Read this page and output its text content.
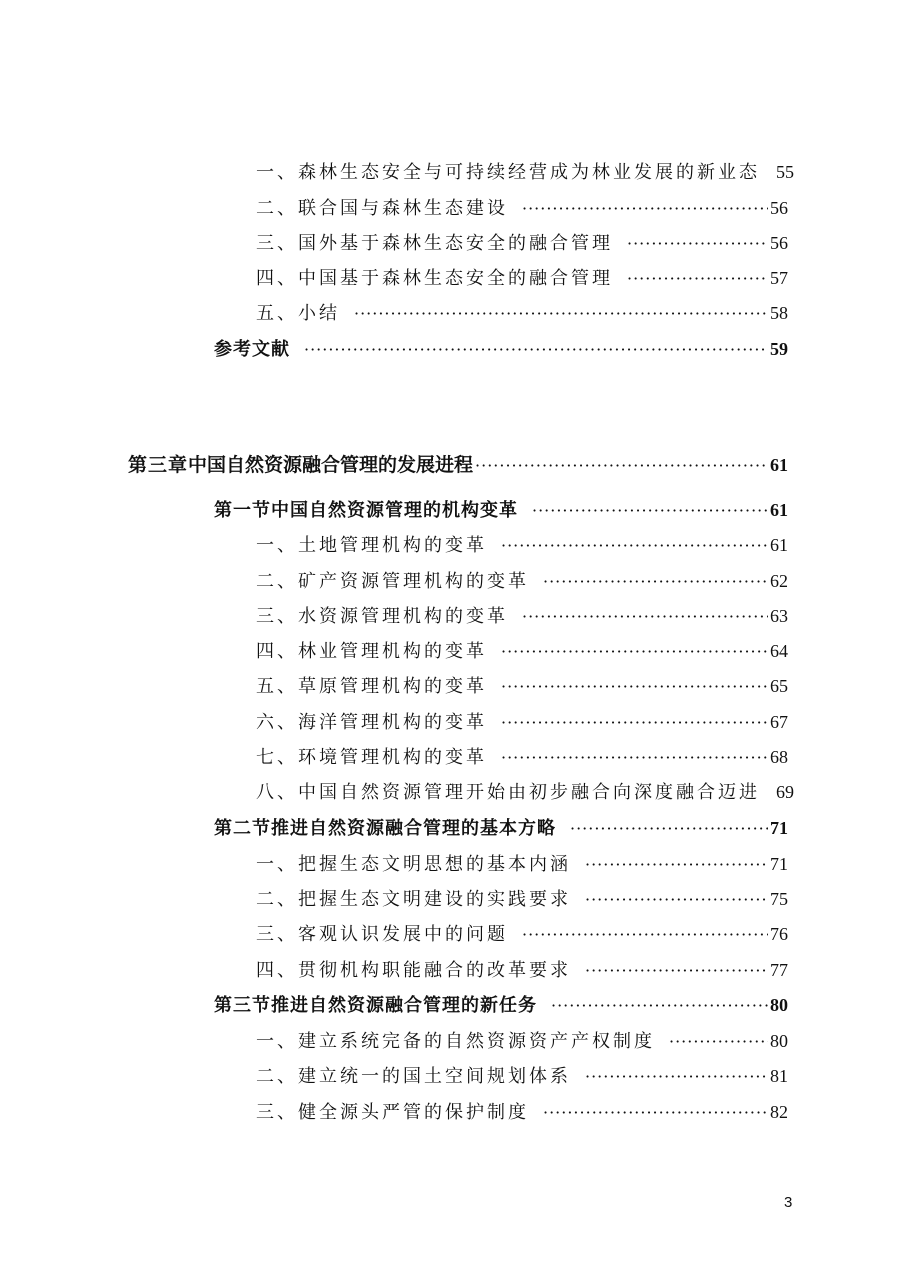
一、森林生态安全与可持续经营成为林业发展的新业态 55
二、联合国与森林生态建设 ·····	56
三、国外基于森林生态安全的融合管理 ·····	56
四、中国基于森林生态安全的融合管理 ·····	57
五、小结 ·····	58
参考文献 ·····	59
第三章 中国自然资源融合管理的发展进程 ·····	61
第一节 中国自然资源管理的机构变革 ·····	61
一、土地管理机构的变革 ·····	61
二、矿产资源管理机构的变革 ·····	62
三、水资源管理机构的变革 ·····	63
四、林业管理机构的变革 ·····	64
五、草原管理机构的变革 ·····	65
六、海洋管理机构的变革 ·····	67
七、环境管理机构的变革 ·····	68
八、中国自然资源管理开始由初步融合向深度融合迈进 69
第二节 推进自然资源融合管理的基本方略 ·····	71
一、把握生态文明思想的基本内涵 ·····	71
二、把握生态文明建设的实践要求 ·····	75
三、客观认识发展中的问题 ·····	76
四、贯彻机构职能融合的改革要求 ·····	77
第三节 推进自然资源融合管理的新任务 ·····	80
一、建立系统完备的自然资源资产产权制度 ·····	80
二、建立统一的国土空间规划体系 ·····	81
三、健全源头严管的保护制度 ·····	82
3
